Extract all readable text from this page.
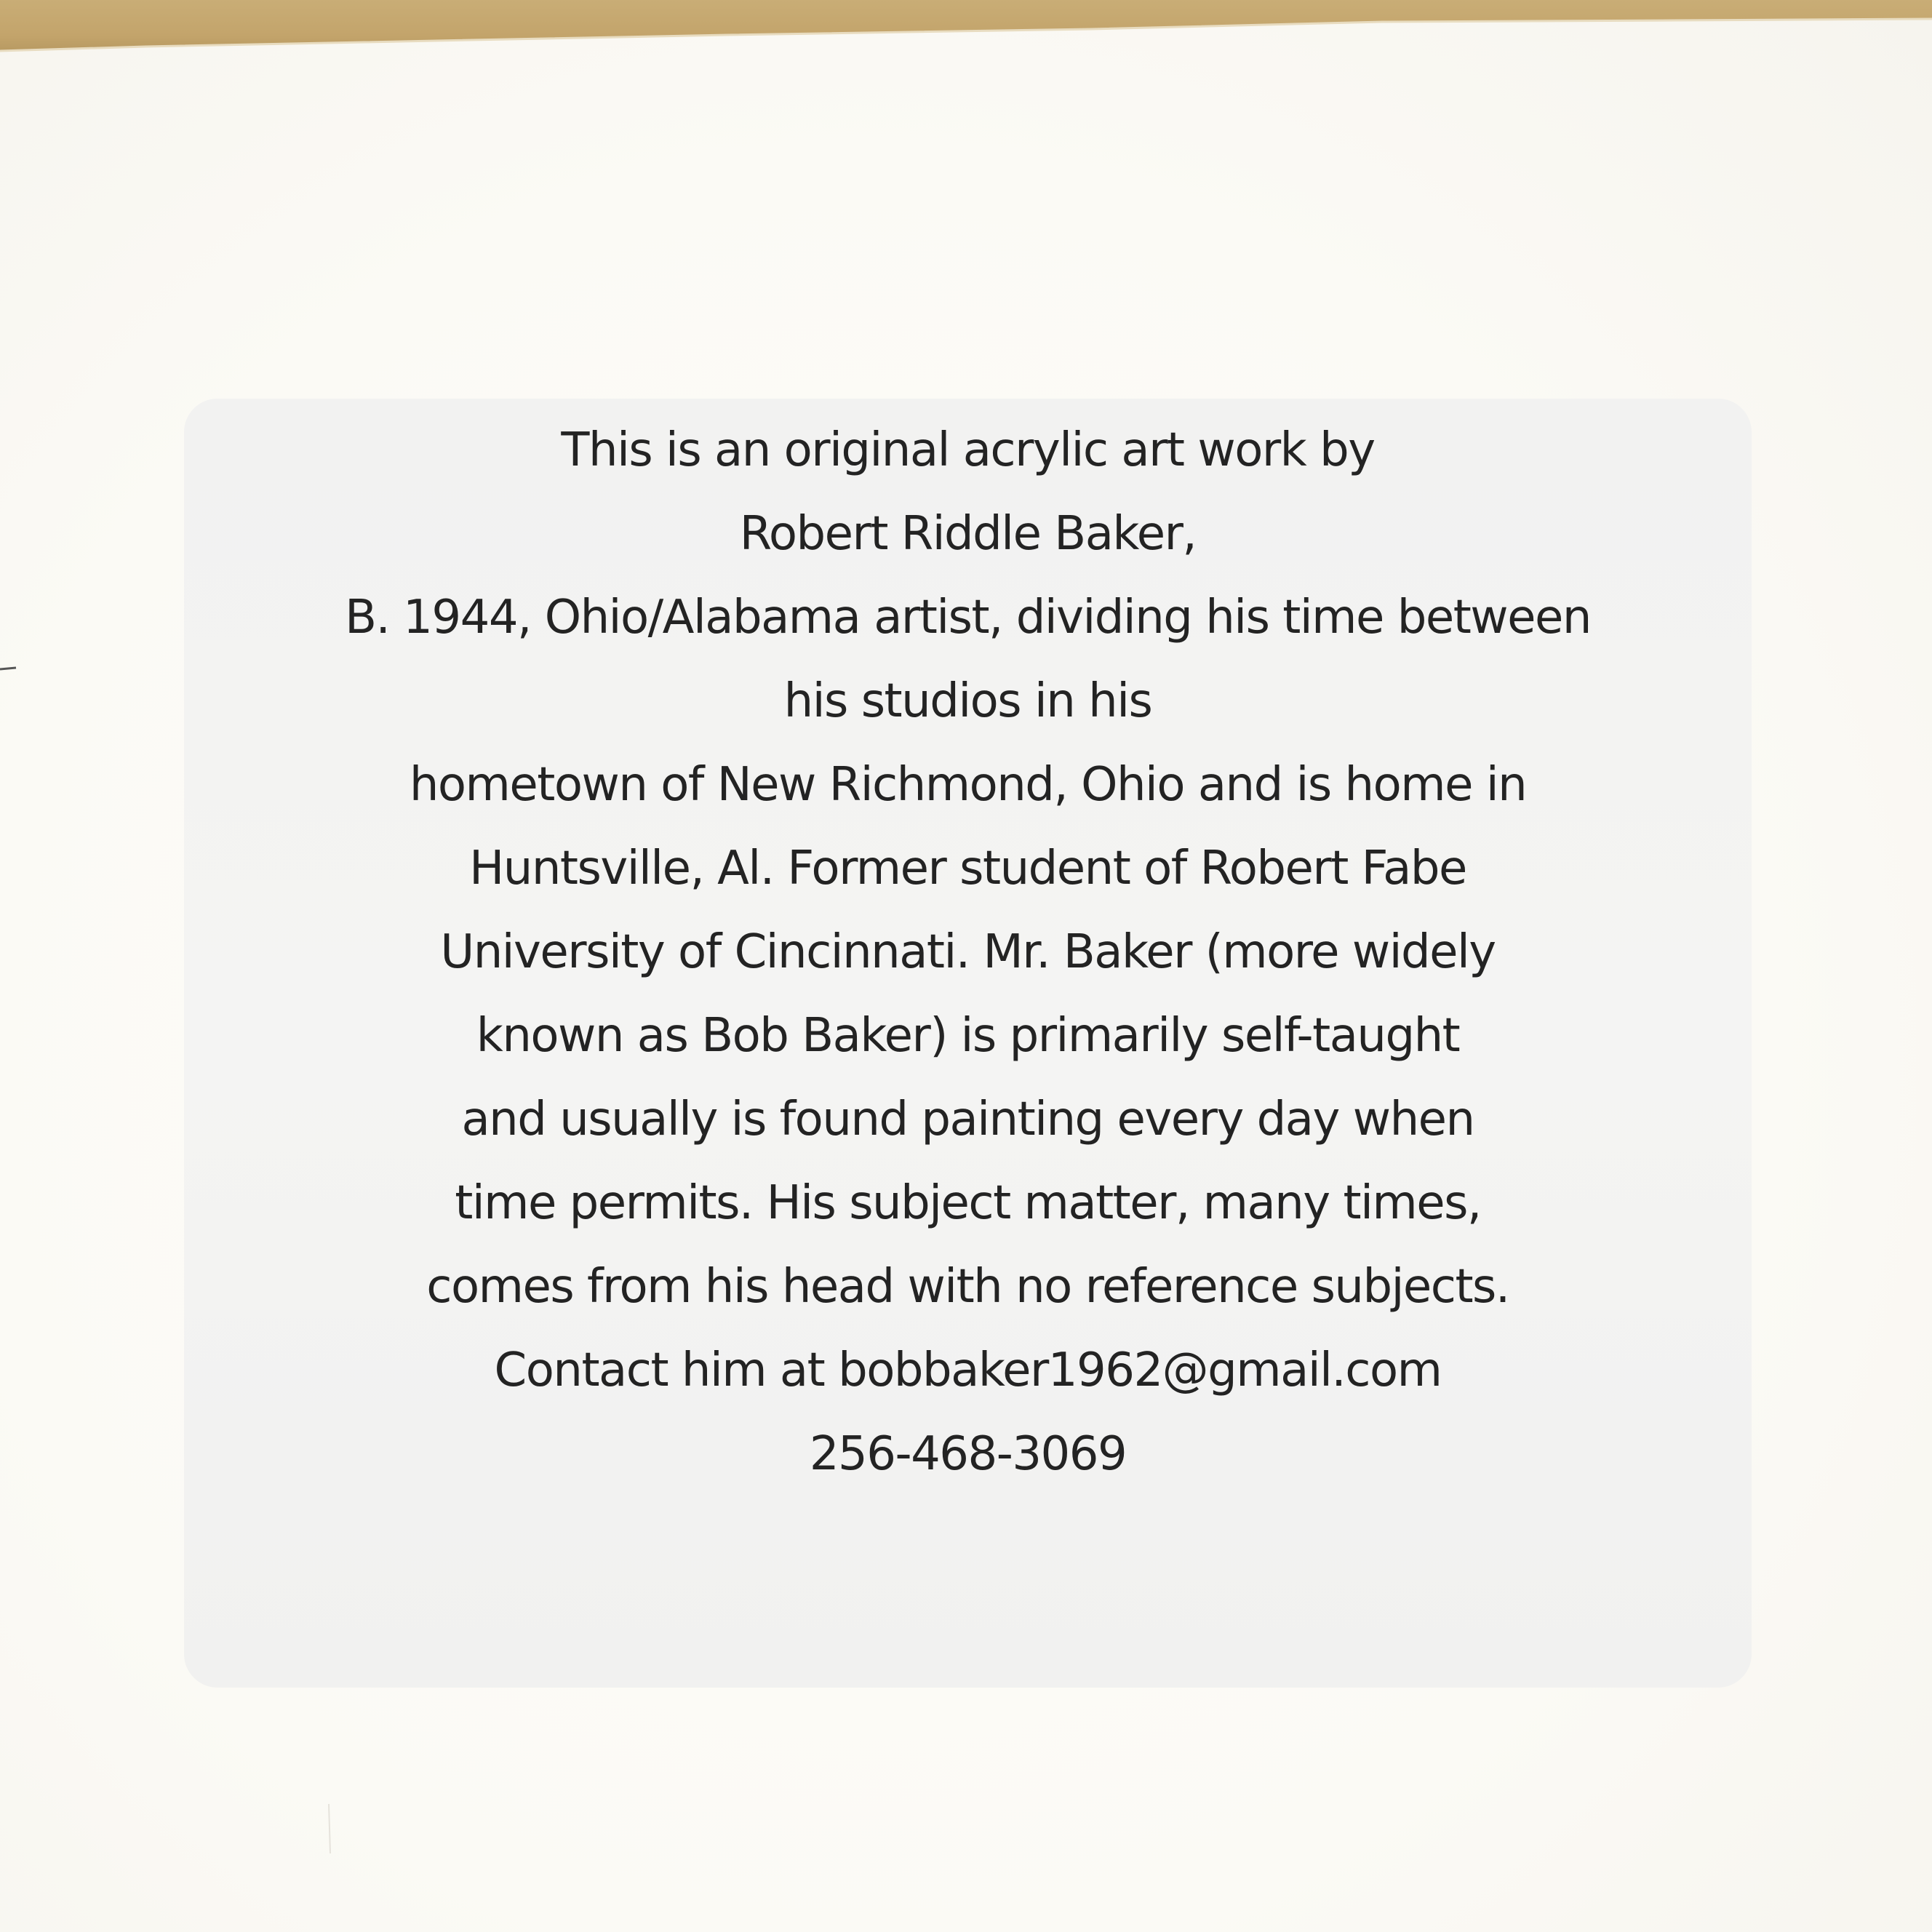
This is an original acrylic art work by
Robert Riddle Baker,
B. 1944, Ohio/Alabama artist, dividing his time between
his studios in his
hometown of New Richmond, Ohio and is home in
Huntsville, Al. Former student of Robert Fabe
University of Cincinnati. Mr. Baker (more widely
known as Bob Baker) is primarily self-taught
and usually is found painting every day when
time permits. His subject matter, many times,
comes from his head with no reference subjects.
Contact him at bobbaker1962@gmail.com
256-468-3069
